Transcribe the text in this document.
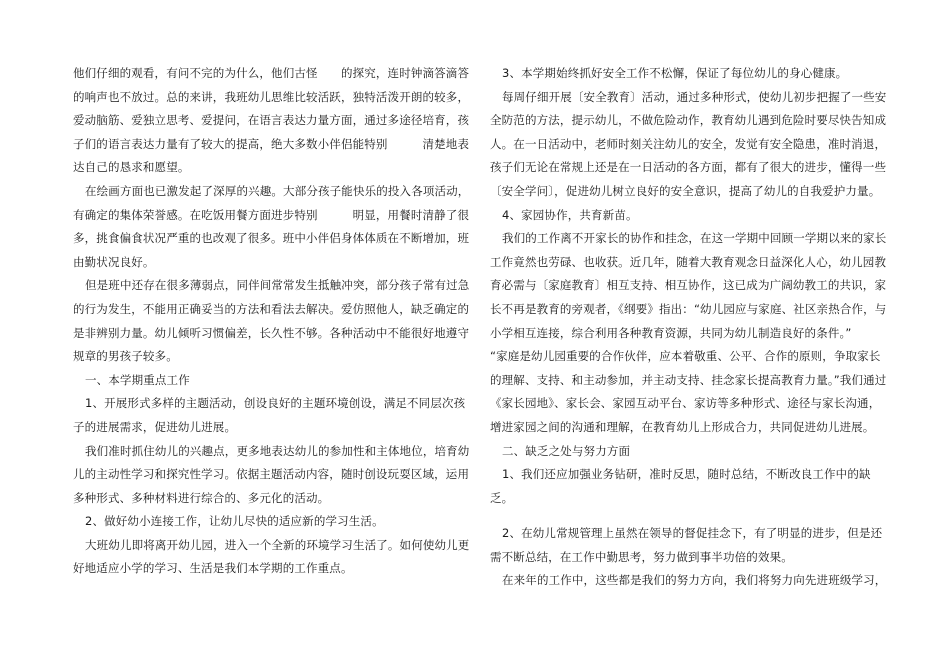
他们仔细的观看，有问不完的为什么，他们古怪　　的探究，连时钟滴答滴答的响声也不放过。总的来讲，我班幼儿思维比较活跃，独特活泼开朗的较多，爱动脑筋、爱独立思考、爱提问，在语言表达力量方面，通过多途径培育，孩子们的语言表达力量有了较大的提高，绝大多数小伴侣能特别　　　清楚地表达自己的恳求和愿望。

在绘画方面也已激发起了深厚的兴趣。大部分孩子能快乐的投入各项活动，有确定的集体荣誉感。在吃饭用餐方面进步特别　　　明显，用餐时清静了很多，挑食偏食状况严重的也改观了很多。班中小伴侣身体体质在不断增加，班由勤状况良好。

但是班中还存在很多薄弱点，同伴间常常发生抵触冲突，部分孩子常有过急的行为发生，不能用正确妥当的方法和看法去解决。爱仿照他人，缺乏确定的是非辨别力量。幼儿倾听习惯偏差，长久性不够。各种活动中不能很好地遵守规章的男孩子较多。

一、本学期重点工作

1、开展形式多样的主题活动，创设良好的主题环境创设，满足不同层次孩子的进展需求，促进幼儿进展。

我们准时抓住幼儿的兴趣点，更多地表达幼儿的参加性和主体地位，培育幼儿的主动性学习和探究性学习。依据主题活动内容，随时创设玩耍区域，运用多种形式、多种材料进行综合的、多元化的活动。

2、做好幼小连接工作，让幼儿尽快的适应新的学习生活。

大班幼儿即将离开幼儿园，进入一个全新的环境学习生活了。如何使幼儿更好地适应小学的学习、生活是我们本学期的工作重点。

3、本学期始终抓好安全工作不松懈，保证了每位幼儿的身心健康。

每周仔细开展〔安全教育〕活动，通过多种形式，使幼儿初步把握了一些安全防范的方法，提示幼儿，不做危险动作，教育幼儿遇到危险时要尽快告知成人。在一日活动中，老师时刻关注幼儿的安全，发觉有安全隐患，准时消退，孩子们无论在常规上还是在一日活动的各方面，都有了很大的进步，懂得一些〔安全学问〕，促进幼儿树立良好的安全意识，提高了幼儿的自我爱护力量。

4、家园协作，共育新苗。

我们的工作离不开家长的协作和挂念，在这一学期中回顾一学期以来的家长工作竟然也劳碌、也收获。近几年，随着大教育观念日益深化人心，幼儿园教育必需与〔家庭教育〕相互支持、相互协作，这已成为广阔幼教工的共识，家长不再是教育的旁观者，《纲要》指出：“幼儿园应与家庭、社区亲热合作，与小学相互连接，综合利用各种教育资源，共同为幼儿制造良好的条件。”

“家庭是幼儿园重要的合作伙伴，应本着敬重、公平、合作的原则，争取家长的理解、支持、和主动参加，并主动支持、挂念家长提高教育力量。”我们通过《家长园地》、家长会、家园互动平台、家访等多种形式、途径与家长沟通，增进家园之间的沟通和理解，在教育幼儿上形成合力，共同促进幼儿进展。

二、缺乏之处与努力方面

1、我们还应加强业务钻研，准时反思，随时总结，不断改良工作中的缺乏。

2、在幼儿常规管理上虽然在领导的督促挂念下，有了明显的进步，但是还需不断总结，在工作中勤思考，努力做到事半功倍的效果。

在来年的工作中，这些都是我们的努力方向，我们将努力向先进班级学习，
